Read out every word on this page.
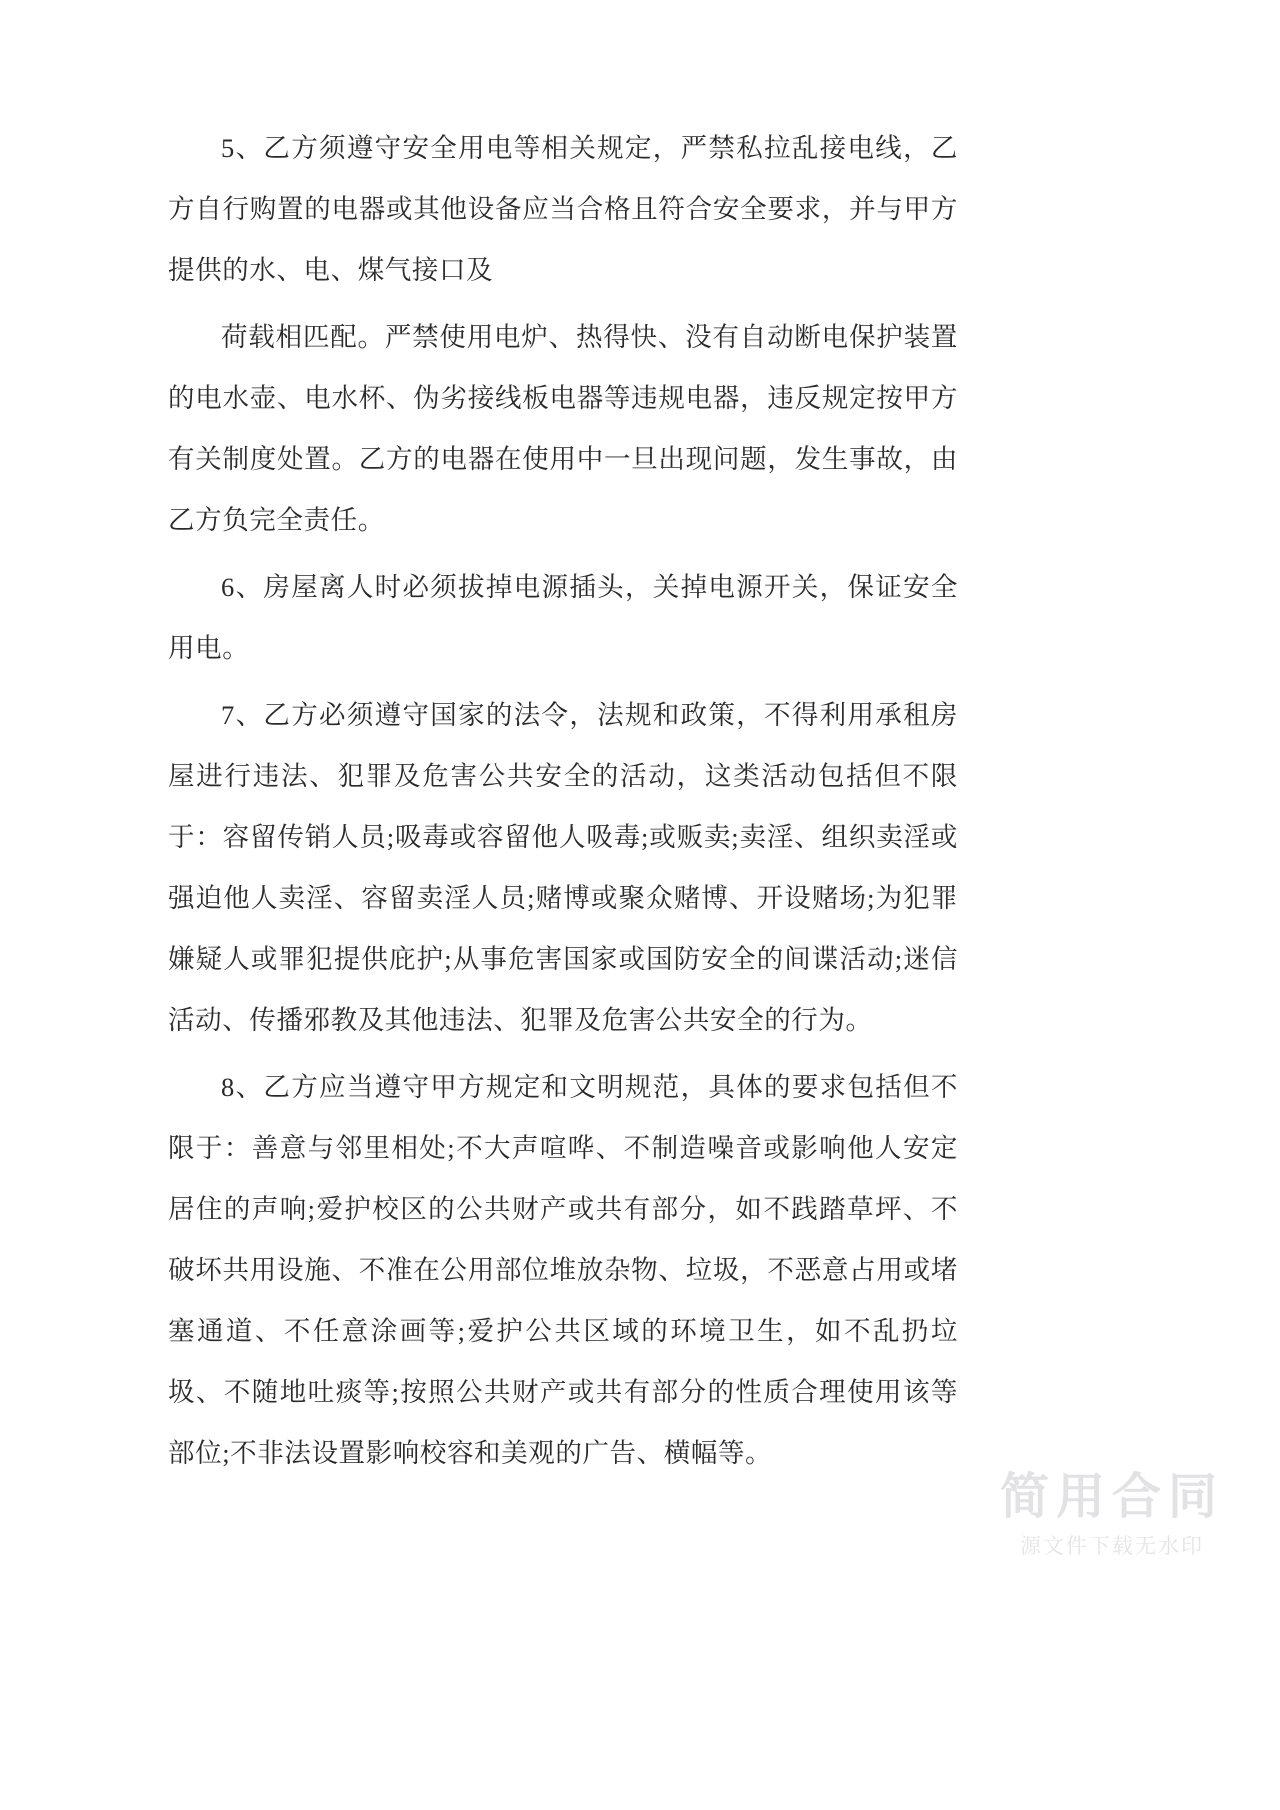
5、乙方须遵守安全用电等相关规定，严禁私拉乱接电线，乙方自行购置的电器或其他设备应当合格且符合安全要求，并与甲方提供的水、电、煤气接口及

荷载相匹配。严禁使用电炉、热得快、没有自动断电保护装置的电水壶、电水杯、伪劣接线板电器等违规电器，违反规定按甲方有关制度处置。乙方的电器在使用中一旦出现问题，发生事故，由乙方负完全责任。

6、房屋离人时必须拔掉电源插头，关掉电源开关，保证安全用电。

7、乙方必须遵守国家的法令，法规和政策，不得利用承租房屋进行违法、犯罪及危害公共安全的活动，这类活动包括但不限于：容留传销人员;吸毒或容留他人吸毒;或贩卖;卖淫、组织卖淫或强迫他人卖淫、容留卖淫人员;赌博或聚众赌博、开设赌场;为犯罪嫌疑人或罪犯提供庇护;从事危害国家或国防安全的间谍活动;迷信活动、传播邪教及其他违法、犯罪及危害公共安全的行为。

8、乙方应当遵守甲方规定和文明规范，具体的要求包括但不限于：善意与邻里相处;不大声喧哗、不制造噪音或影响他人安定居住的声响;爱护校区的公共财产或共有部分，如不践踏草坪、不破坏共用设施、不准在公用部位堆放杂物、垃圾，不恶意占用或堵塞通道、不任意涂画等;爱护公共区域的环境卫生，如不乱扔垃圾、不随地吐痰等;按照公共财产或共有部分的性质合理使用该等部位;不非法设置影响校容和美观的广告、横幅等。

简用合同
源文件下载无水印
